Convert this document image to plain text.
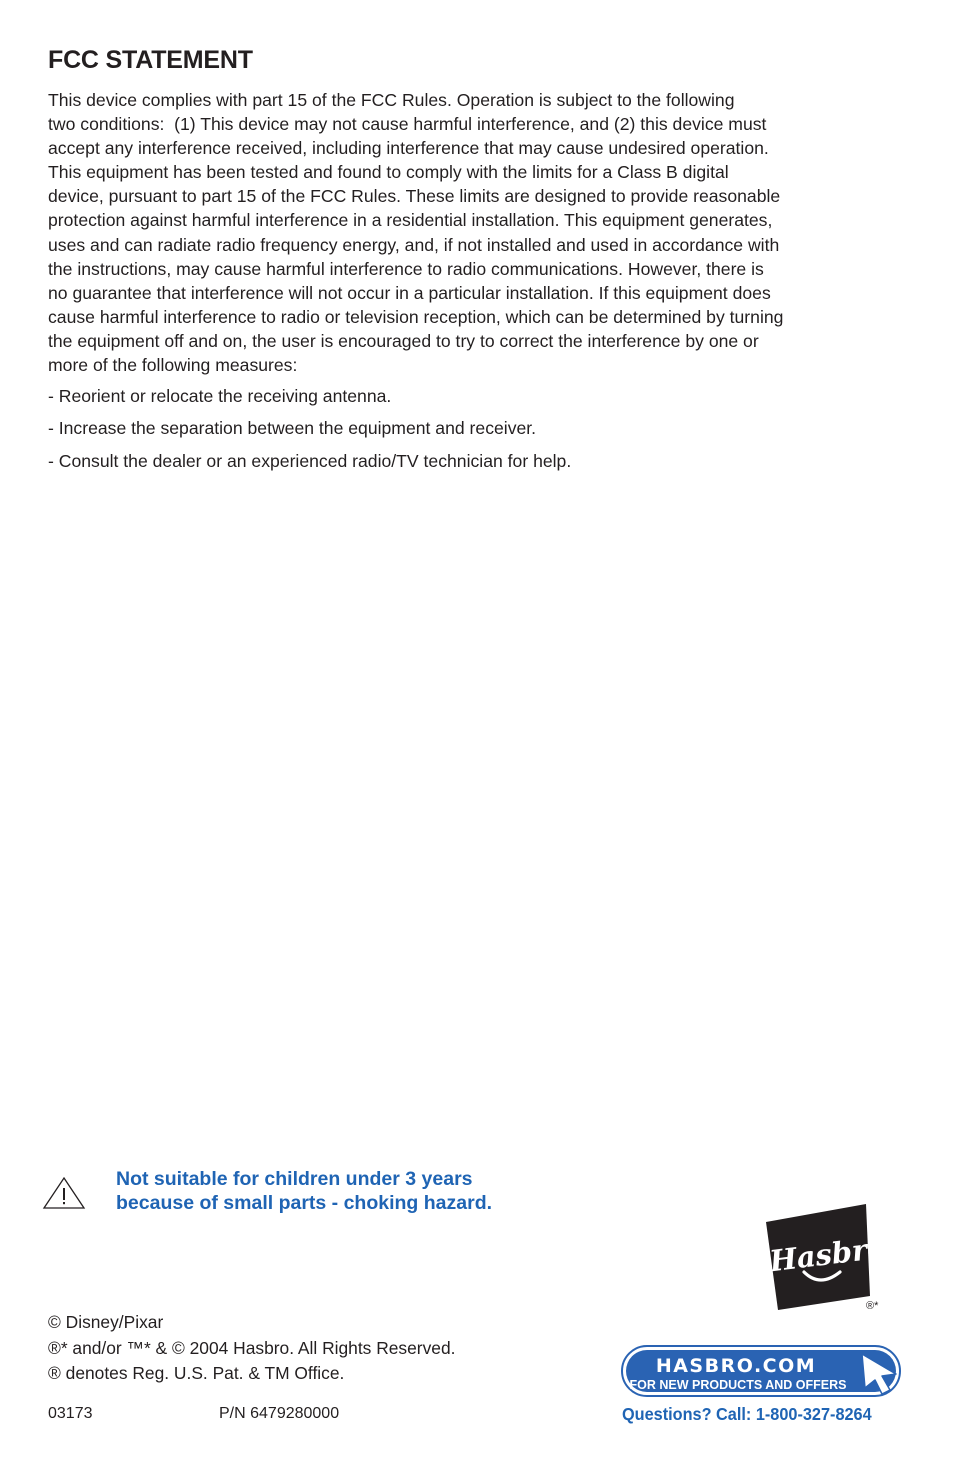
FCC STATEMENT

This device complies with part 15 of the FCC Rules. Operation is subject to the following
two conditions:  (1) This device may not cause harmful interference, and (2) this device must
accept any interference received, including interference that may cause undesired operation.
This equipment has been tested and found to comply with the limits for a Class B digital
device, pursuant to part 15 of the FCC Rules. These limits are designed to provide reasonable
protection against harmful interference in a residential installation. This equipment generates,
uses and can radiate radio frequency energy, and, if not installed and used in accordance with
the instructions, may cause harmful interference to radio communications. However, there is
no guarantee that interference will not occur in a particular installation. If this equipment does
cause harmful interference to radio or television reception, which can be determined by turning
the equipment off and on, the user is encouraged to try to correct the interference by one or
more of the following measures:

- Reorient or relocate the receiving antenna.

- Increase the separation between the equipment and receiver.

- Consult the dealer or an experienced radio/TV technician for help.

Not suitable for children under 3 years
because of small parts - choking hazard.

Hasbro
®*

© Disney/Pixar
®* and/or ™* & © 2004 Hasbro. All Rights Reserved.
® denotes Reg. U.S. Pat. & TM Office.

03173	P/N 6479280000
HASBRO.COM
FOR NEW PRODUCTS AND OFFERS

Questions? Call: 1-800-327-8264
